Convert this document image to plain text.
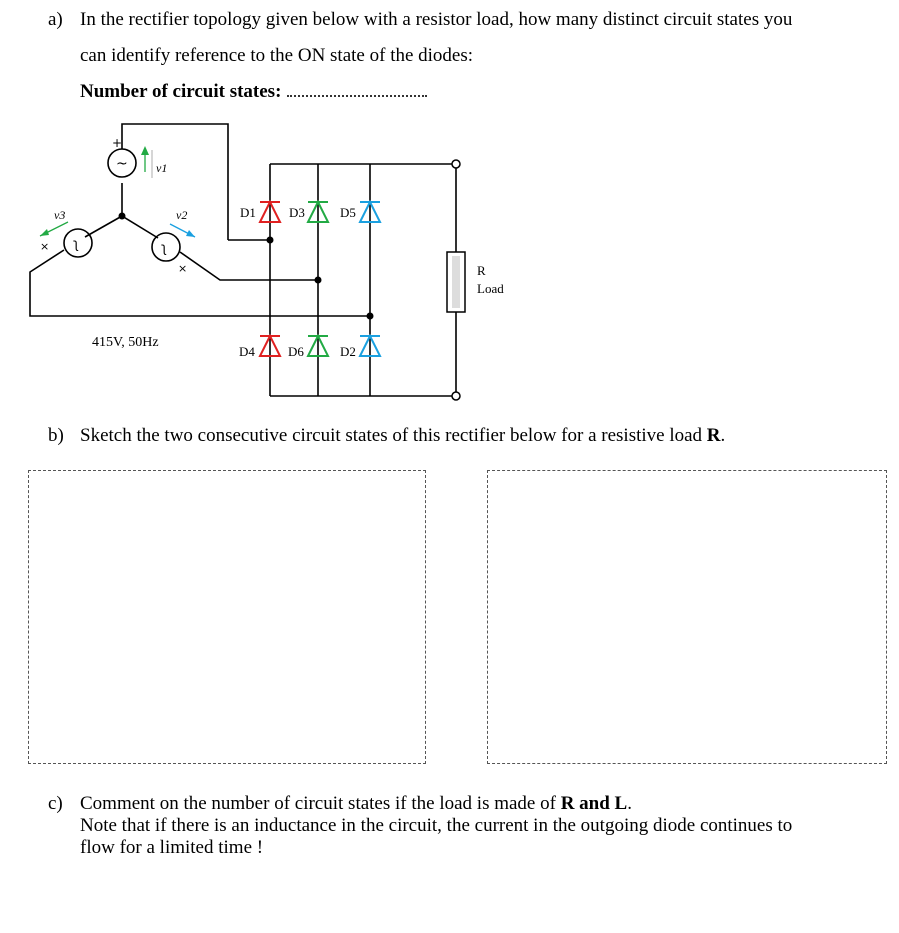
a) In the rectifier topology given below with a resistor load, how many distinct circuit states you
can identify reference to the ON state of the diodes:
Number of circuit states:
~
ʅ	ʅ
+
×
×
v1
v3	v2
415V, 50Hz
D1	D3	D5
D4	D6	D2
R
Load
b) Sketch the two consecutive circuit states of this rectifier below for a resistive load R.
c) Comment on the number of circuit states if the load is made of R and L.
Note that if there is an inductance in the circuit, the current in the outgoing diode continues to
flow for a limited time !
